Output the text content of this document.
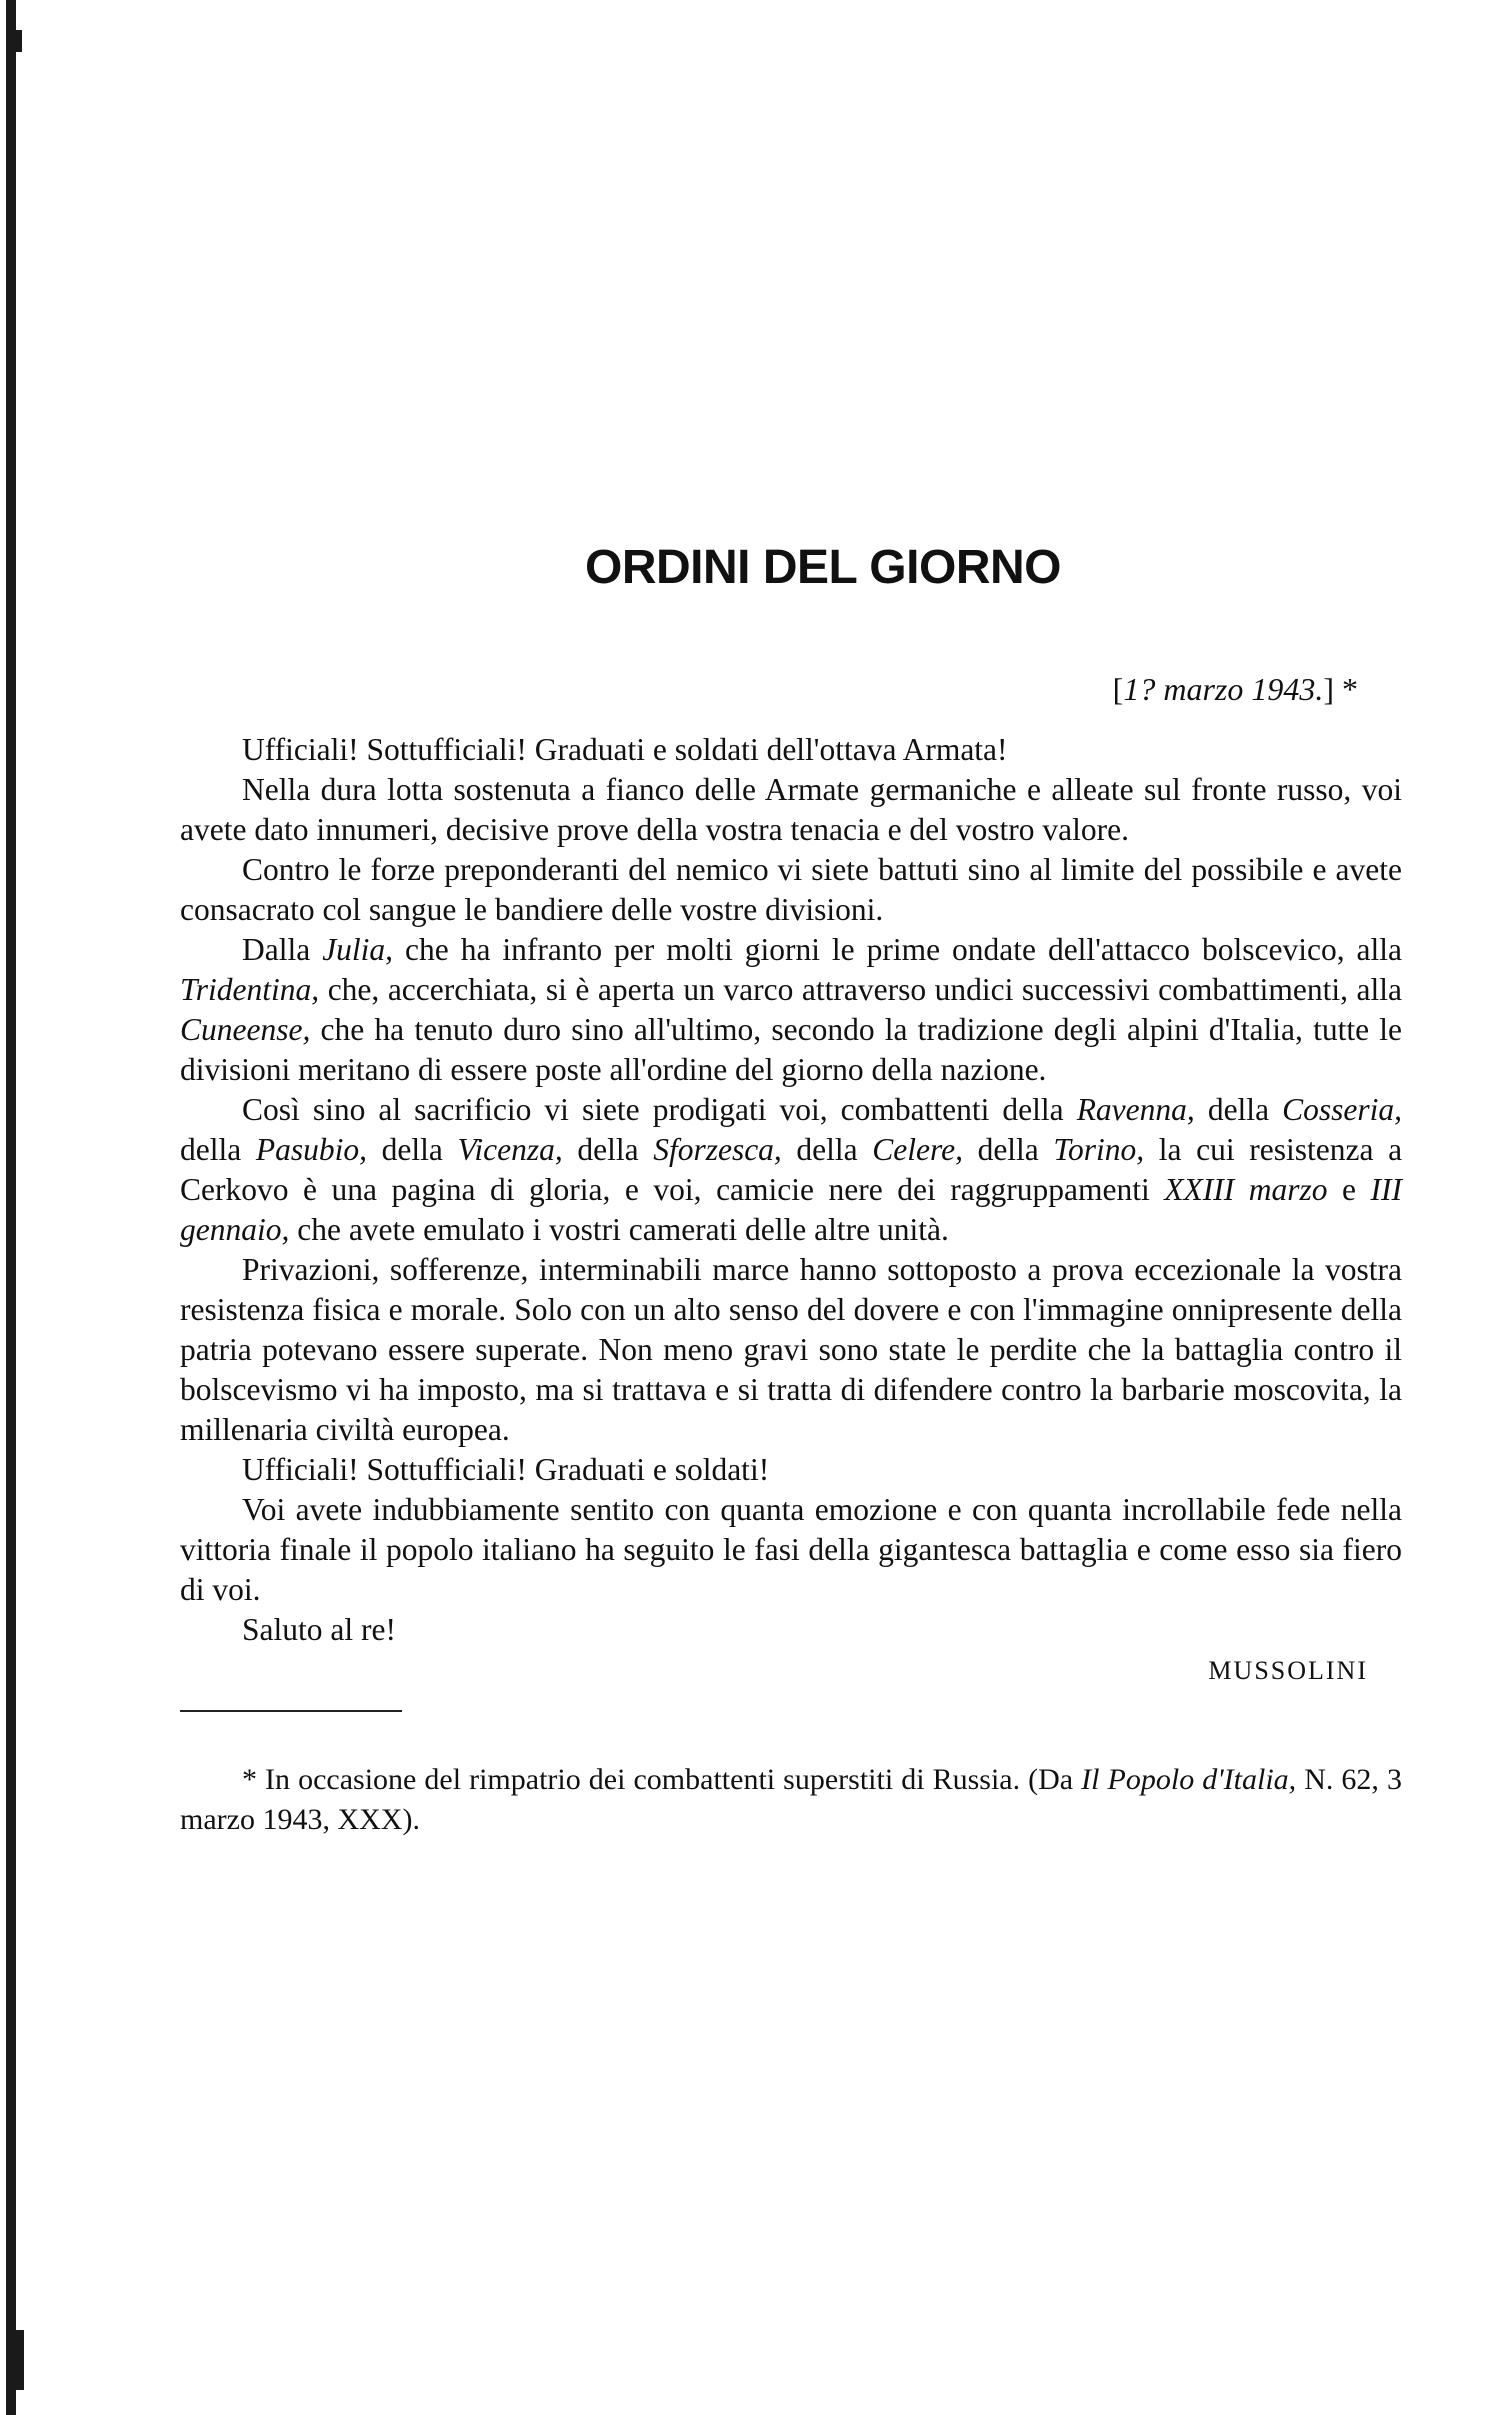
ORDINI DEL GIORNO
[1? marzo 1943.] *

Ufficiali! Sottufficiali! Graduati e soldati dell'ottava Armata!

Nella dura lotta sostenuta a fianco delle Armate germaniche e alleate sul fronte russo, voi avete dato innumeri, decisive prove della vostra tenacia e del vostro valore.

Contro le forze preponderanti del nemico vi siete battuti sino al limite del possibile e avete consacrato col sangue le bandiere delle vostre divisioni.

Dalla Julia, che ha infranto per molti giorni le prime ondate dell'attacco bolscevico, alla Tridentina, che, accerchiata, si è aperta un varco attraverso undici successivi combattimenti, alla Cuneense, che ha tenuto duro sino all'ultimo, secondo la tradizione degli alpini d'Italia, tutte le divisioni meritano di essere poste all'ordine del giorno della nazione.

Così sino al sacrificio vi siete prodigati voi, combattenti della Ravenna, della Cosseria, della Pasubio, della Vicenza, della Sforzesca, della Celere, della Torino, la cui resistenza a Cerkovo è una pagina di gloria, e voi, camicie nere dei raggruppamenti XXIII marzo e III gennaio, che avete emulato i vostri camerati delle altre unità.

Privazioni, sofferenze, interminabili marce hanno sottoposto a prova eccezionale la vostra resistenza fisica e morale. Solo con un alto senso del dovere e con l'immagine onnipresente della patria potevano essere superate. Non meno gravi sono state le perdite che la battaglia contro il bolscevismo vi ha imposto, ma si trattava e si tratta di difendere contro la barbarie moscovita, la millenaria civiltà europea.

Ufficiali! Sottufficiali! Graduati e soldati!

Voi avete indubbiamente sentito con quanta emozione e con quanta incrollabile fede nella vittoria finale il popolo italiano ha seguito le fasi della gigantesca battaglia e come esso sia fiero di voi.

Saluto al re!

MUSSOLINI

* In occasione del rimpatrio dei combattenti superstiti di Russia. (Da Il Popolo d'Italia, N. 62, 3 marzo 1943, XXX).
